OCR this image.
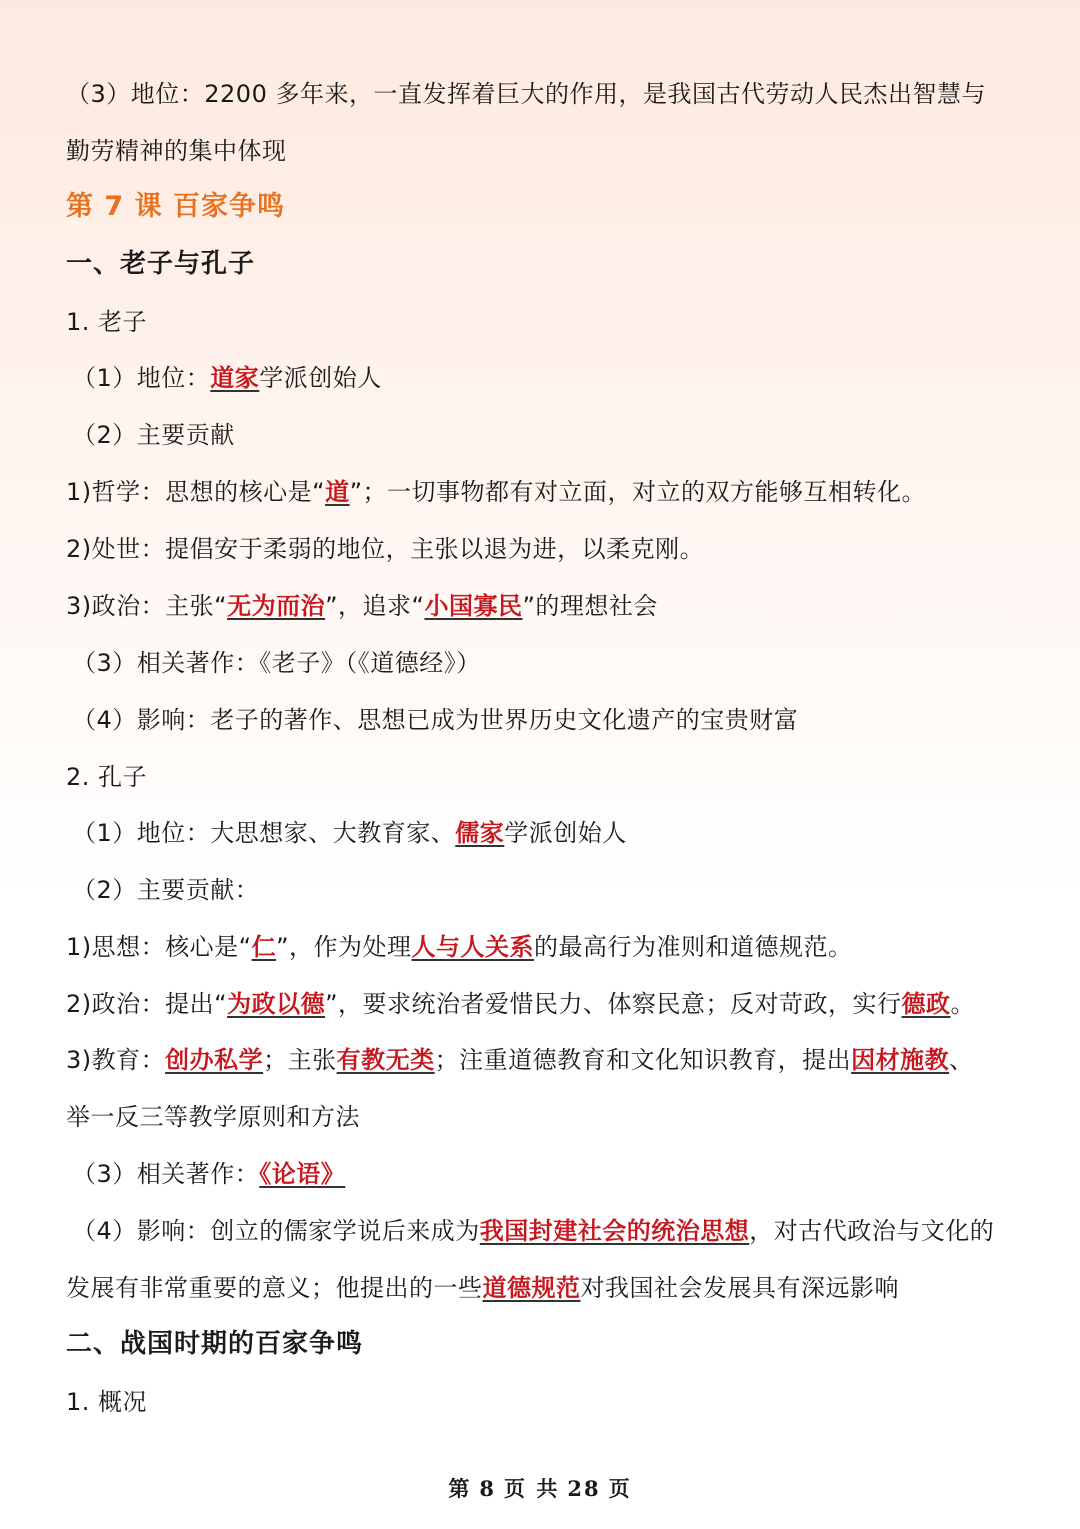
（3）地位：2200 多年来，一直发挥着巨大的作用，是我国古代劳动人民杰出智慧与
勤劳精神的集中体现
第 7 课 百家争鸣
一、老子与孔子
1. 老子
（1）地位：道家学派创始人
（2）主要贡献
1)哲学：思想的核心是“道”；一切事物都有对立面，对立的双方能够互相转化。
2)处世：提倡安于柔弱的地位，主张以退为进，以柔克刚。
3)政治：主张“无为而治”，追求“小国寡民”的理想社会
（3）相关著作：《老子》（《道德经》）
（4）影响：老子的著作、思想已成为世界历史文化遗产的宝贵财富
2. 孔子
（1）地位：大思想家、大教育家、儒家学派创始人
（2）主要贡献：
1)思想：核心是“仁”，作为处理人与人关系的最高行为准则和道德规范。
2)政治：提出“为政以德”，要求统治者爱惜民力、体察民意；反对苛政，实行德政。
3)教育：创办私学；主张有教无类；注重道德教育和文化知识教育，提出因材施教、
举一反三等教学原则和方法
（3）相关著作：《论语》
（4）影响：创立的儒家学说后来成为我国封建社会的统治思想，对古代政治与文化的
发展有非常重要的意义；他提出的一些道德规范对我国社会发展具有深远影响
二、战国时期的百家争鸣
1. 概况
第 8 页 共 28 页
